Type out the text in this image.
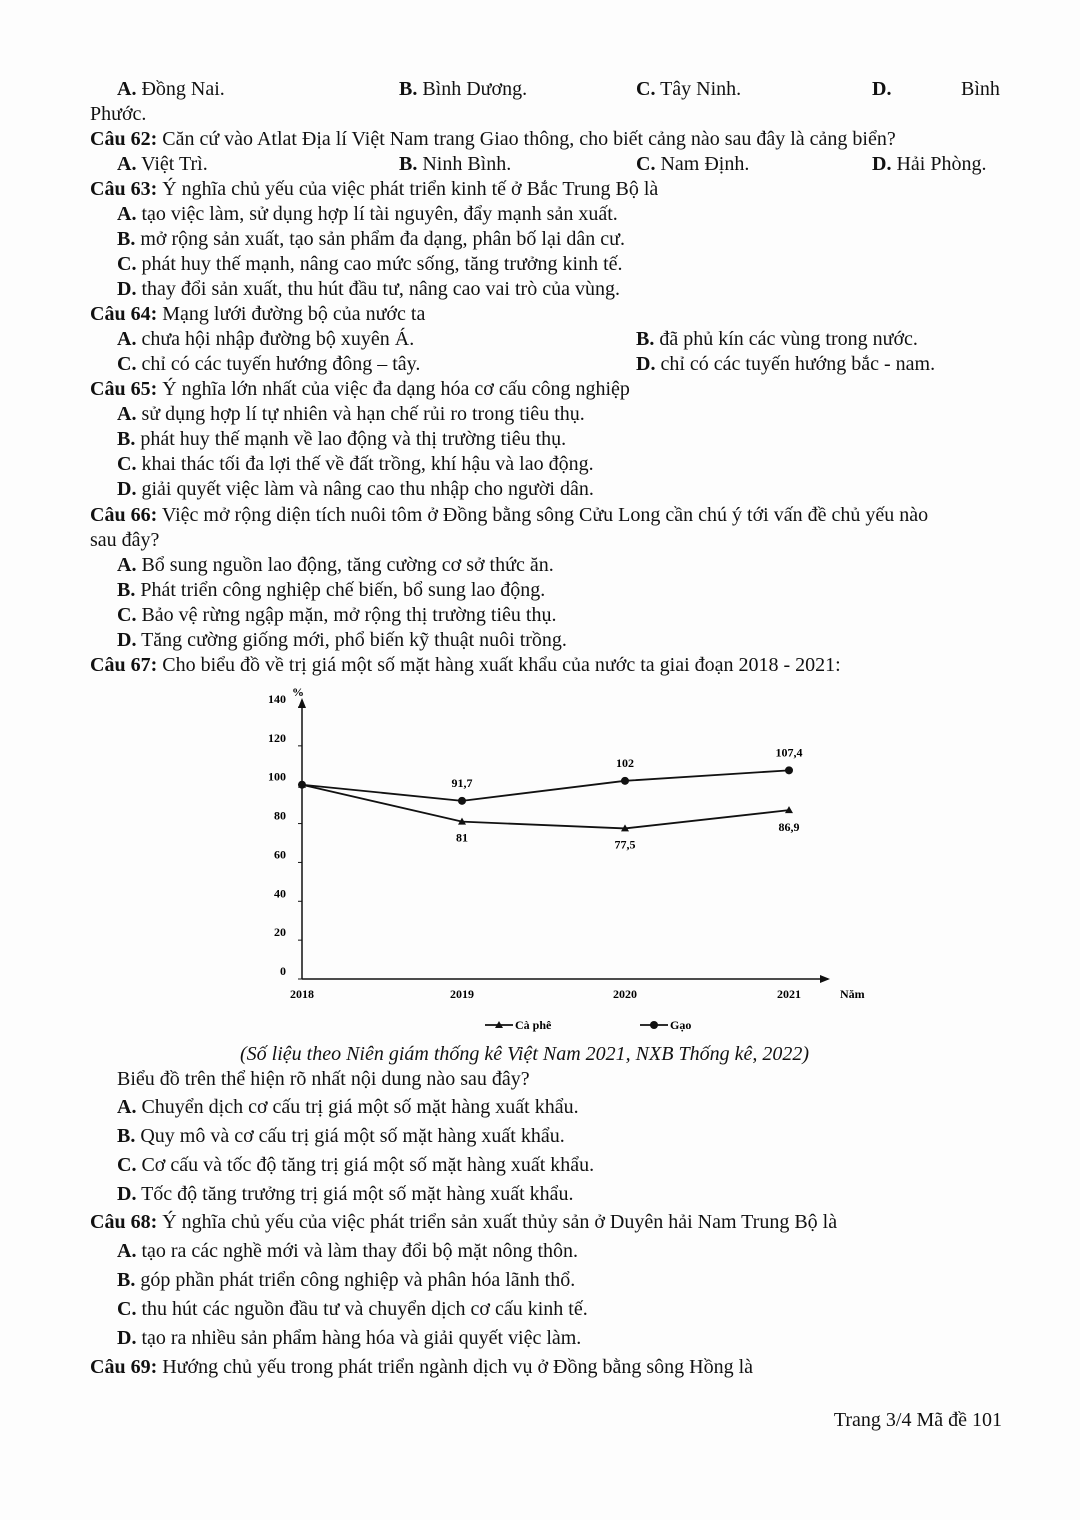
A. Đồng Nai.	B. Bình Dương.	C. Tây Ninh.	D.	Bình
Phước.
Câu 62: Căn cứ vào Atlat Địa lí Việt Nam trang Giao thông, cho biết cảng nào sau đây là cảng biển?
A. Việt Trì.	B. Ninh Bình.	C. Nam Định.	D. Hải Phòng.
Câu 63: Ý nghĩa chủ yếu của việc phát triển kinh tế ở Bắc Trung Bộ là
A. tạo việc làm, sử dụng hợp lí tài nguyên, đẩy mạnh sản xuất.
B. mở rộng sản xuất, tạo sản phẩm đa dạng, phân bố lại dân cư.
C. phát huy thế mạnh, nâng cao mức sống, tăng trưởng kinh tế.
D. thay đổi sản xuất, thu hút đầu tư, nâng cao vai trò của vùng.
Câu 64: Mạng lưới đường bộ của nước ta
A. chưa hội nhập đường bộ xuyên Á.	B. đã phủ kín các vùng trong nước.
C. chỉ có các tuyến hướng đông – tây.	D. chỉ có các tuyến hướng bắc - nam.
Câu 65: Ý nghĩa lớn nhất của việc đa dạng hóa cơ cấu công nghiệp
A. sử dụng hợp lí tự nhiên và hạn chế rủi ro trong tiêu thụ.
B. phát huy thế mạnh về lao động và thị trường tiêu thụ.
C. khai thác tối đa lợi thế về đất trồng, khí hậu và lao động.
D. giải quyết việc làm và nâng cao thu nhập cho người dân.
Câu 66: Việc mở rộng diện tích nuôi tôm ở Đồng bằng sông Cửu Long cần chú ý tới vấn đề chủ yếu nào
sau đây?
A. Bổ sung nguồn lao động, tăng cường cơ sở thức ăn.
B. Phát triển công nghiệp chế biến, bổ sung lao động.
C. Bảo vệ rừng ngập mặn, mở rộng thị trường tiêu thụ.
D. Tăng cường giống mới, phổ biến kỹ thuật nuôi trồng.
Câu 67: Cho biểu đồ về trị giá một số mặt hàng xuất khẩu của nước ta giai đoạn 2018 - 2021:
%
Năm
0
20
40
60
80
100
120
140
2018	2019	2020	2021
81	77,5
86,9
91,7
102
107,4
Cà phê	Gạo
(Số liệu theo Niên giám thống kê Việt Nam 2021, NXB Thống kê, 2022)
Biểu đồ trên thể hiện rõ nhất nội dung nào sau đây?
A. Chuyển dịch cơ cấu trị giá một số mặt hàng xuất khẩu.
B. Quy mô và cơ cấu trị giá một số mặt hàng xuất khẩu.
C. Cơ cấu và tốc độ tăng trị giá một số mặt hàng xuất khẩu.
D. Tốc độ tăng trưởng trị giá một số mặt hàng xuất khẩu.
Câu 68: Ý nghĩa chủ yếu của việc phát triển sản xuất thủy sản ở Duyên hải Nam Trung Bộ là
A. tạo ra các nghề mới và làm thay đổi bộ mặt nông thôn.
B. góp phần phát triển công nghiệp và phân hóa lãnh thổ.
C. thu hút các nguồn đầu tư và chuyển dịch cơ cấu kinh tế.
D. tạo ra nhiều sản phẩm hàng hóa và giải quyết việc làm.
Câu 69: Hướng chủ yếu trong phát triển ngành dịch vụ ở Đồng bằng sông Hồng là
Trang 3/4 Mã đề 101
